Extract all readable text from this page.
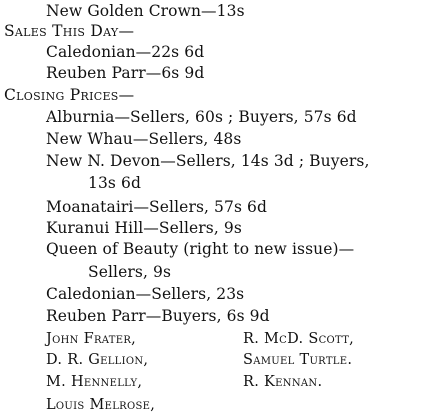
New Golden Crown—13s
Sales This Day—
Caledonian—22s 6d
Reuben Parr—6s 9d
Closing Prices—
Alburnia—Sellers, 60s ; Buyers, 57s 6d
New Whau—Sellers, 48s
New N. Devon—Sellers, 14s 3d ; Buyers,
13s 6d
Moanatairi—Sellers, 57s 6d
Kuranui Hill—Sellers, 9s
Queen of Beauty (right to new issue)—
Sellers, 9s
Caledonian—Sellers, 23s
Reuben Parr—Buyers, 6s 9d
John Frater,	R. McD. Scott,
D. R. Gellion,	Samuel Turtle.
M. Hennelly,	R. Kennan.
Louis Melrose,
